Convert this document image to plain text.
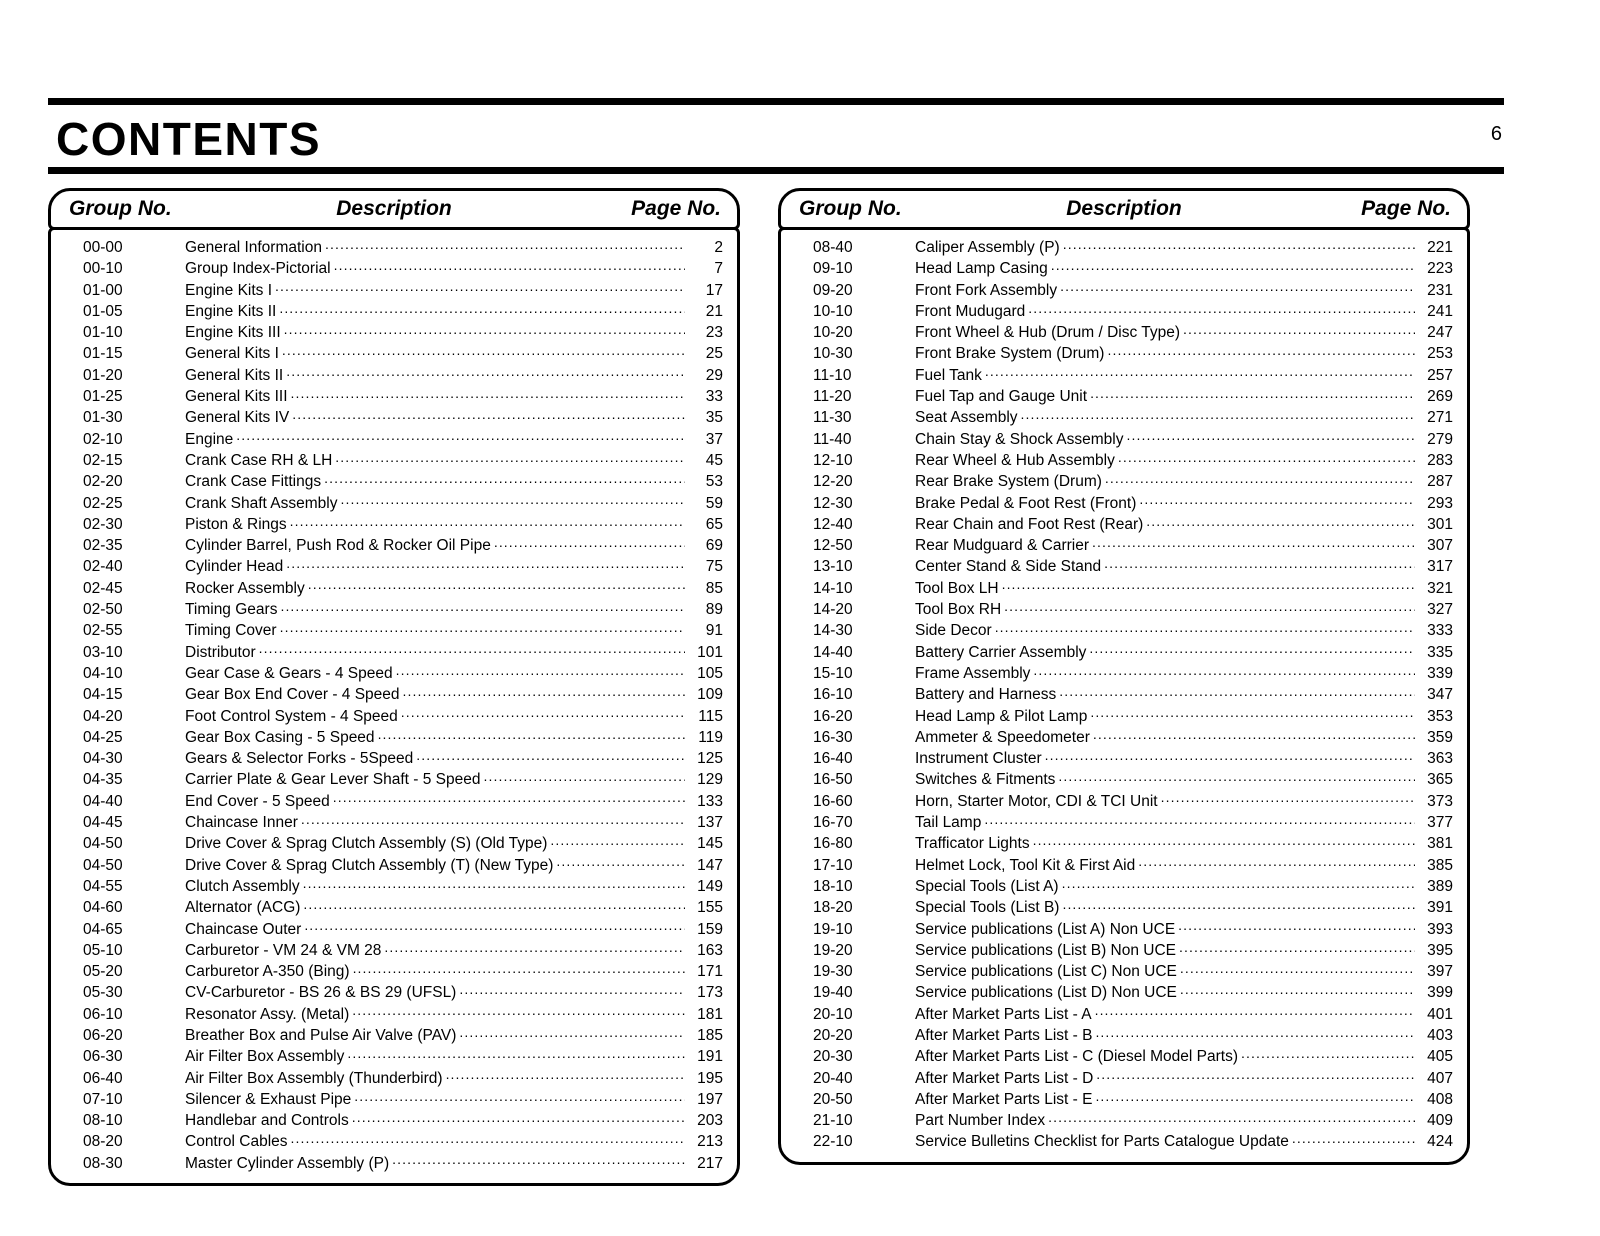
CONTENTS	6
Group No.	Description	Page No.
00-00	General Information .....	2
00-10	Group Index-Pictorial .....	7
01-00	Engine Kits I .....	17
01-05	Engine Kits II .....	21
01-10	Engine Kits III .....	23
01-15	General Kits I .....	25
01-20	General Kits II .....	29
01-25	General Kits III .....	33
01-30	General Kits IV .....	35
02-10	Engine .....	37
02-15	Crank Case RH & LH .....	45
02-20	Crank Case Fittings .....	53
02-25	Crank Shaft Assembly .....	59
02-30	Piston & Rings .....	65
02-35	Cylinder Barrel, Push Rod & Rocker Oil Pipe .....	69
02-40	Cylinder Head .....	75
02-45	Rocker Assembly .....	85
02-50	Timing Gears .....	89
02-55	Timing Cover .....	91
03-10	Distributor .....	101
04-10	Gear Case & Gears - 4 Speed .....	105
04-15	Gear Box End Cover - 4 Speed .....	109
04-20	Foot Control System - 4 Speed .....	115
04-25	Gear Box Casing - 5 Speed .....	119
04-30	Gears & Selector Forks - 5Speed .....	125
04-35	Carrier Plate & Gear Lever Shaft - 5 Speed .....	129
04-40	End Cover - 5 Speed .....	133
04-45	Chaincase Inner .....	137
04-50	Drive Cover & Sprag Clutch Assembly (S) (Old Type) .....	145
04-50	Drive Cover & Sprag Clutch Assembly (T) (New Type) .....	147
04-55	Clutch Assembly .....	149
04-60	Alternator (ACG) .....	155
04-65	Chaincase Outer .....	159
05-10	Carburetor - VM 24 & VM 28 .....	163
05-20	Carburetor A-350 (Bing) .....	171
05-30	CV-Carburetor - BS 26 & BS 29 (UFSL) .....	173
06-10	Resonator Assy. (Metal) .....	181
06-20	Breather Box and Pulse Air Valve (PAV) .....	185
06-30	Air Filter Box Assembly .....	191
06-40	Air Filter Box Assembly (Thunderbird) .....	195
07-10	Silencer & Exhaust Pipe .....	197
08-10	Handlebar and Controls .....	203
08-20	Control Cables .....	213
08-30	Master Cylinder Assembly (P) .....	217
Group No.	Description	Page No.
08-40	Caliper Assembly (P) .....	221
09-10	Head Lamp Casing .....	223
09-20	Front Fork Assembly .....	231
10-10	Front Mudugard .....	241
10-20	Front Wheel & Hub (Drum / Disc Type) .....	247
10-30	Front Brake System (Drum) .....	253
11-10	Fuel Tank .....	257
11-20	Fuel Tap and Gauge Unit .....	269
11-30	Seat Assembly .....	271
11-40	Chain Stay & Shock Assembly .....	279
12-10	Rear Wheel & Hub Assembly .....	283
12-20	Rear Brake System (Drum) .....	287
12-30	Brake Pedal & Foot Rest (Front) .....	293
12-40	Rear Chain and Foot Rest (Rear) .....	301
12-50	Rear Mudguard & Carrier .....	307
13-10	Center Stand & Side Stand .....	317
14-10	Tool Box LH .....	321
14-20	Tool Box RH .....	327
14-30	Side Decor .....	333
14-40	Battery Carrier Assembly .....	335
15-10	Frame Assembly .....	339
16-10	Battery and Harness .....	347
16-20	Head Lamp & Pilot Lamp .....	353
16-30	Ammeter & Speedometer .....	359
16-40	Instrument Cluster .....	363
16-50	Switches & Fitments .....	365
16-60	Horn, Starter Motor, CDI & TCI Unit .....	373
16-70	Tail Lamp .....	377
16-80	Trafficator Lights .....	381
17-10	Helmet Lock, Tool Kit & First Aid .....	385
18-10	Special Tools (List A) .....	389
18-20	Special Tools (List B) .....	391
19-10	Service publications (List A) Non UCE .....	393
19-20	Service publications (List B) Non UCE .....	395
19-30	Service publications (List C) Non UCE .....	397
19-40	Service publications (List D) Non UCE .....	399
20-10	After Market Parts List - A .....	401
20-20	After Market Parts List - B .....	403
20-30	After Market Parts List - C (Diesel Model Parts) .....	405
20-40	After Market Parts List - D .....	407
20-50	After Market Parts List - E .....	408
21-10	Part Number Index .....	409
22-10	Service Bulletins Checklist for Parts Catalogue Update .....	424
